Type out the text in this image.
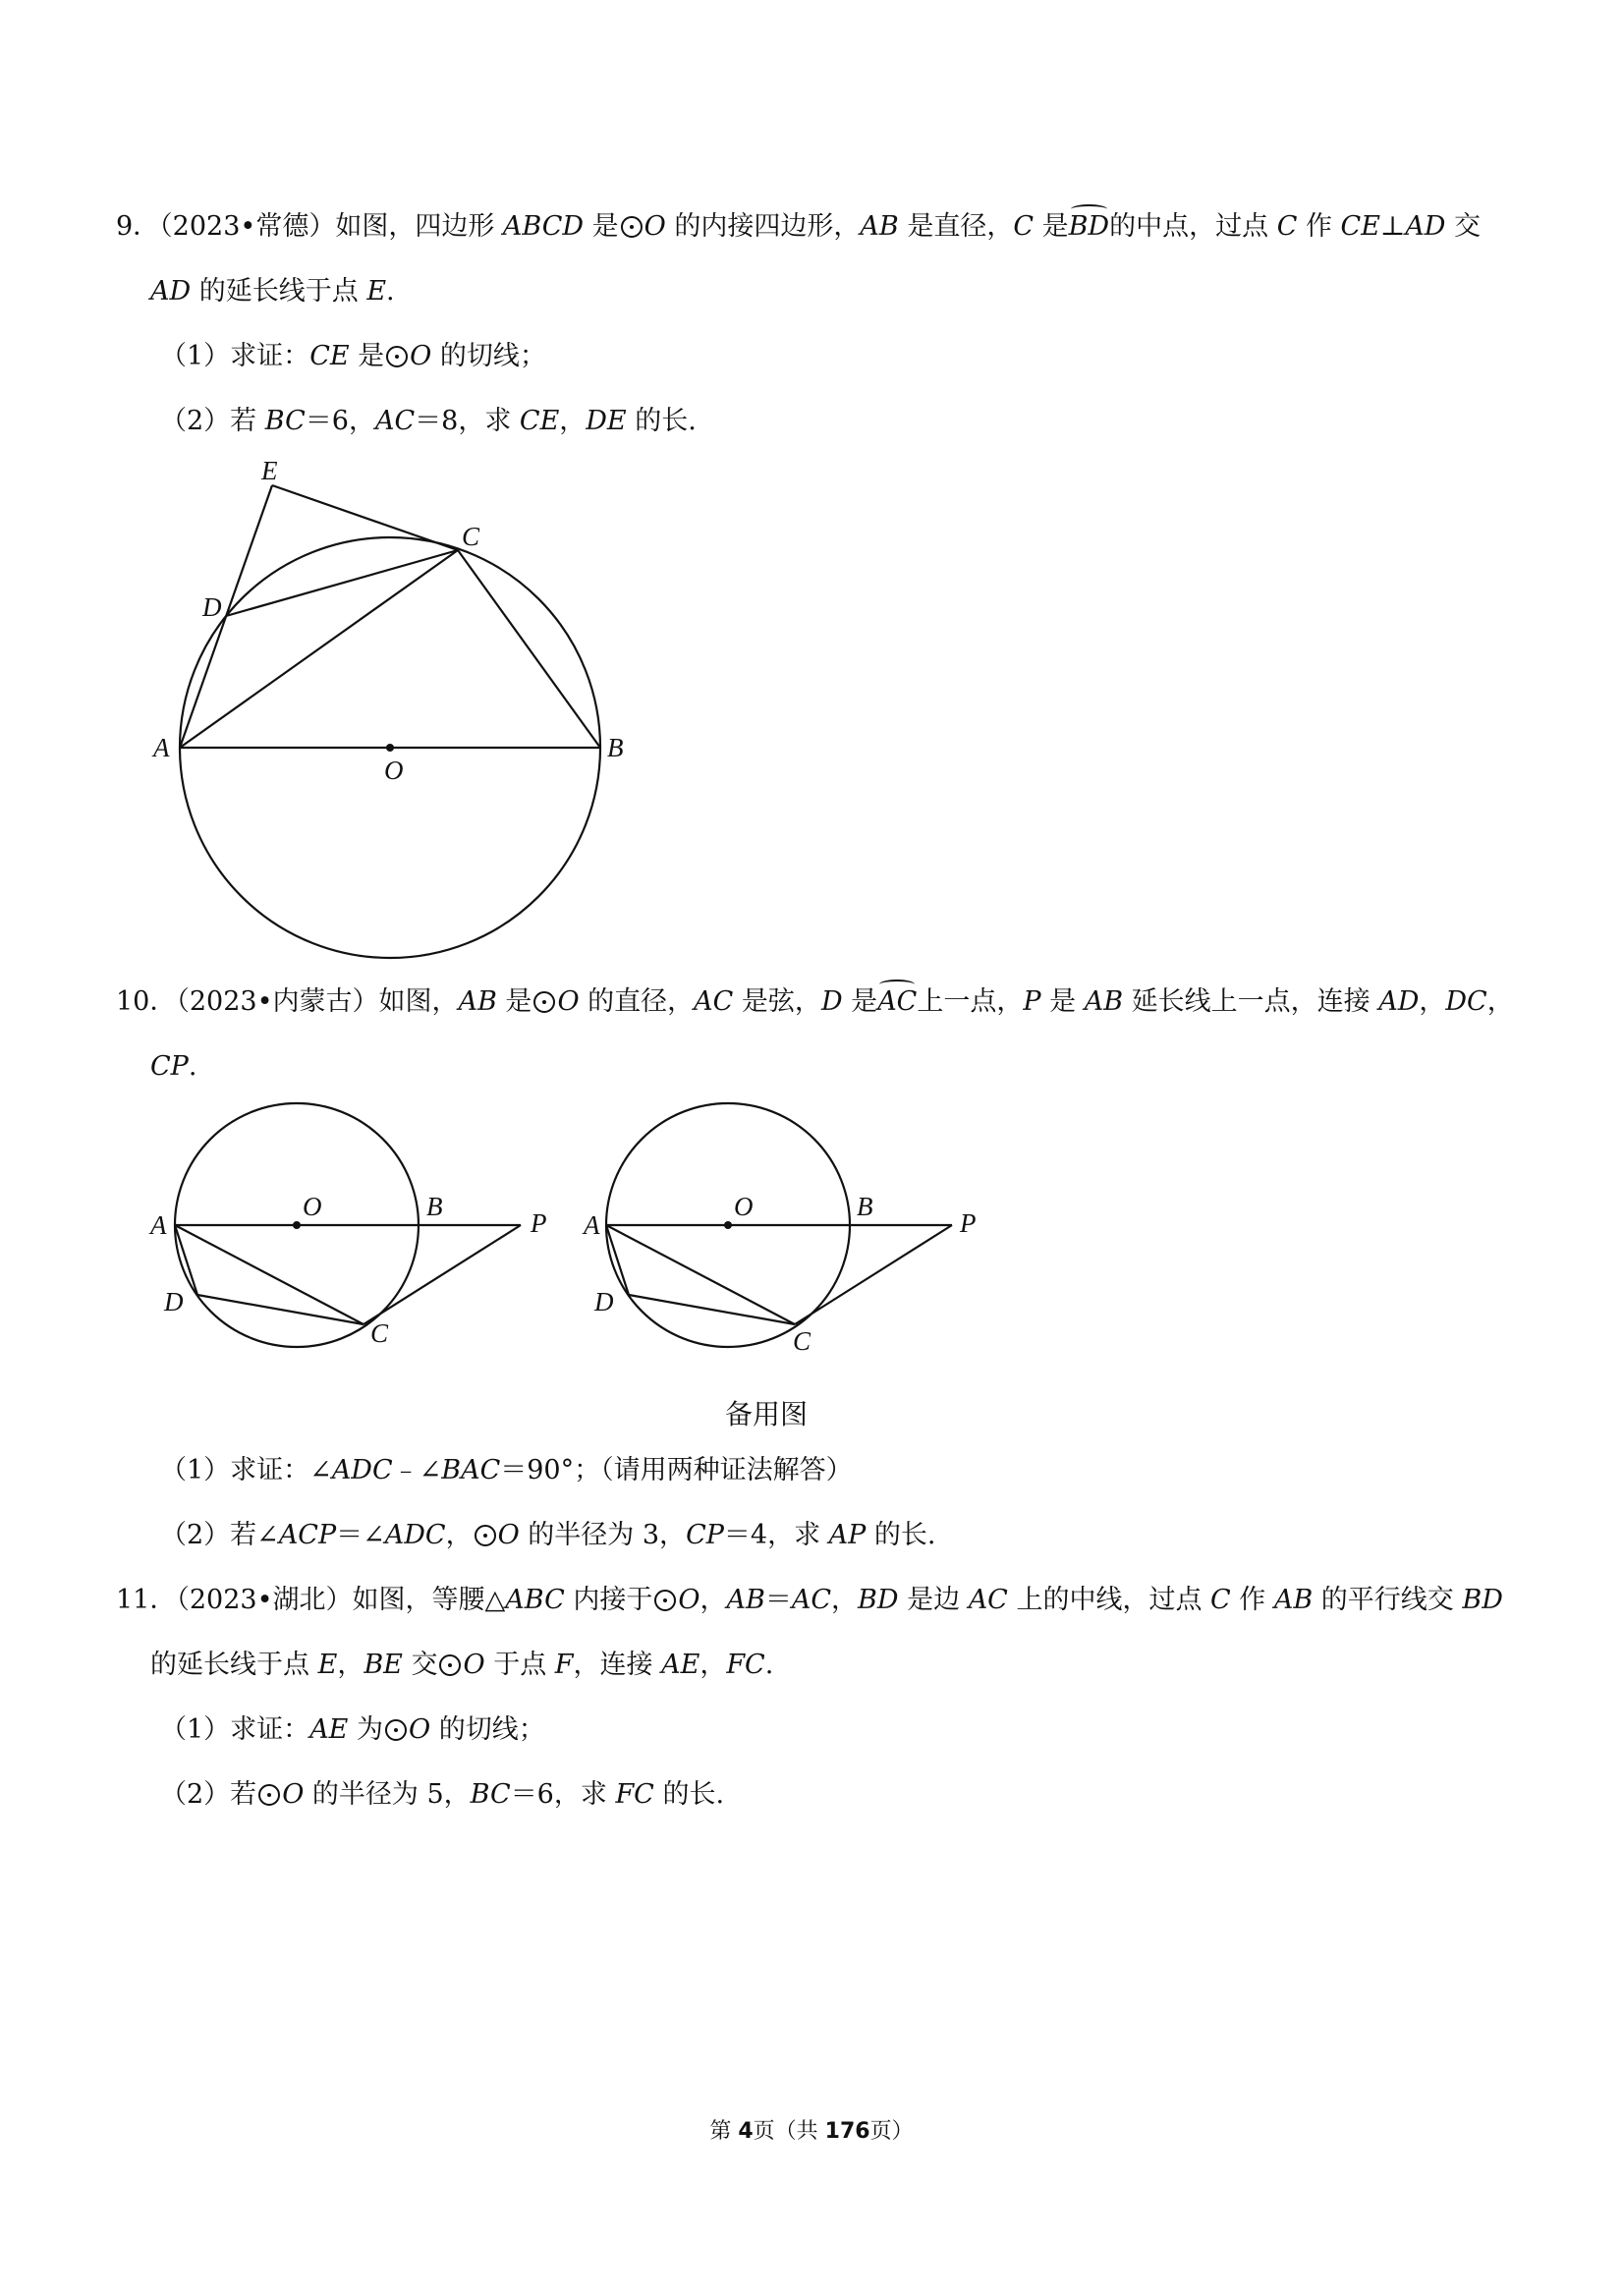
9．（2023•常德）如图，四边形 ABCD 是 O 的内接四边形，AB 是直径，C 是BD的中点，过点 C 作 CE⊥AD 交
AD 的延长线于点 E.
（1）求证：CE 是 O 的切线；
（2）若 BC＝6，AC＝8，求 CE，DE 的长.
E
C
D
A
O
B
10．（2023•内蒙古）如图，AB 是 O 的直径，AC 是弦，D 是AC上一点，P 是 AB 延长线上一点，连接 AD，DC，
CP.
A
O	B
P
D
C
A
O	B
P
D
C
备用图
（1）求证：∠ADC﹣∠BAC＝90°；（请用两种证法解答）
（2）若∠ACP＝∠ADC， O 的半径为 3，CP＝4，求 AP 的长.
11．（2023•湖北）如图，等腰△ABC 内接于 O，AB＝AC，BD 是边 AC 上的中线，过点 C 作 AB 的平行线交 BD
的延长线于点 E，BE 交 O 于点 F，连接 AE，FC.
（1）求证：AE 为 O 的切线；
（2）若 O 的半径为 5，BC＝6，求 FC 的长.
第 4页（共 176页）
